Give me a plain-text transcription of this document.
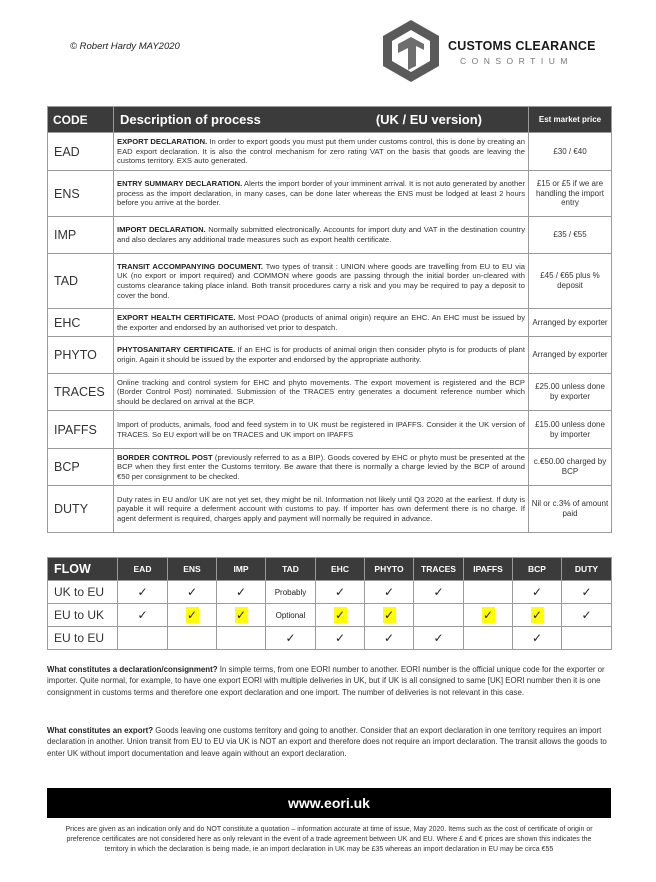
© Robert Hardy MAY2020	CUSTOMS CLEARANCE
CONSORTIUM
CODE	Description of process (UK / EU version)	Est market price
EAD	EXPORT DECLARATION. In order to export goods you must put them under customs control, this is done by creating an EAD export declaration. It is also the control mechanism for zero rating VAT on the basis that goods are leaving the customs territory. EXS auto generated.	£30 / €40
ENS	ENTRY SUMMARY DECLARATION. Alerts the import border of your imminent arrival. It is not auto generated by another process as the import declaration, in many cases, can be done later whereas the ENS must be lodged at least 2 hours before you arrive at the border.	£15 or £5 if we are handling the import entry
IMP	IMPORT DECLARATION. Normally submitted electronically. Accounts for import duty and VAT in the destination country and also declares any additional trade measures such as export health certificate.	£35 / €55
TAD	TRANSIT ACCOMPANYING DOCUMENT. Two types of transit : UNION where goods are travelling from EU to EU via UK (no export or import required) and COMMON where goods are passing through the initial border un-cleared with customs clearance taking place inland. Both transit procedures carry a risk and you may be required to pay a deposit to cover the bond.	£45 / €65 plus % deposit
EHC	EXPORT HEALTH CERTIFICATE. Most POAO (products of animal origin) require an EHC. An EHC must be issued by the exporter and endorsed by an authorised vet prior to despatch.	Arranged by exporter
PHYTO	PHYTOSANITARY CERTIFICATE. If an EHC is for products of animal origin then consider phyto is for products of plant origin. Again it should be issued by the exporter and endorsed by the appropriate authority.	Arranged by exporter
TRACES	Online tracking and control system for EHC and phyto movements. The export movement is registered and the BCP (Border Control Post) nominated. Submission of the TRACES entry generates a document reference number which should be declared on arrival at the BCP.	£25.00 unless done by exporter
IPAFFS	Import of products, animals, food and feed system in to UK must be registered in IPAFFS. Consider it the UK version of TRACES. So EU export will be on TRACES and UK import on IPAFFS	£15.00 unless done by importer
BCP	BORDER CONTROL POST (previously referred to as a BIP). Goods covered by EHC or phyto must be presented at the BCP when they first enter the Customs territory. Be aware that there is normally a charge levied by the BCP of around €50 per consignment to be checked.	c.€50.00 charged by BCP
DUTY	Duty rates in EU and/or UK are not yet set, they might be nil. Information not likely until Q3 2020 at the earliest. If duty is payable it will require a deferment account with customs to pay. If importer has own deferment there is no charge. If agent deferment is required, charges apply and payment will normally be required in advance.	Nil or c.3% of amount paid
FLOW	EAD	ENS	IMP	TAD	EHC	PHYTO	TRACES	IPAFFS	BCP	DUTY
UK to EU	✓	✓	✓	Probably	✓	✓	✓		✓	✓
EU to UK	✓	✓	✓	Optional	✓	✓		✓	✓	✓
EU to EU				✓	✓	✓	✓		✓	
What constitutes a declaration/consignment? In simple terms, from one EORI number to another. EORI number is the official unique code for the exporter or importer. Quite normal, for example, to have one export EORI with multiple deliveries in UK, but if UK is all consigned to same [UK] EORI number then it is one consignment in customs terms and therefore one export declaration and one import. The number of deliveries is not relevant in this case.
What constitutes an export? Goods leaving one customs territory and going to another. Consider that an export declaration in one territory requires an import declaration in another. Union transit from EU to EU via UK is NOT an export and therefore does not require an import declaration. The transit allows the goods to enter UK without import documentation and leave again without an export declaration.
www.eori.uk
Prices are given as an indication only and do NOT constitute a quotation – information accurate at time of issue, May 2020. Items such as the cost of certificate of origin or preference certificates are not considered here as only relevant in the event of a trade agreement between UK and EU. Where £ and € prices are shown this indicates the territory in which the declaration is being made, ie an import declaration in UK may be £35 whereas an import declaration in EU may be circa €55
